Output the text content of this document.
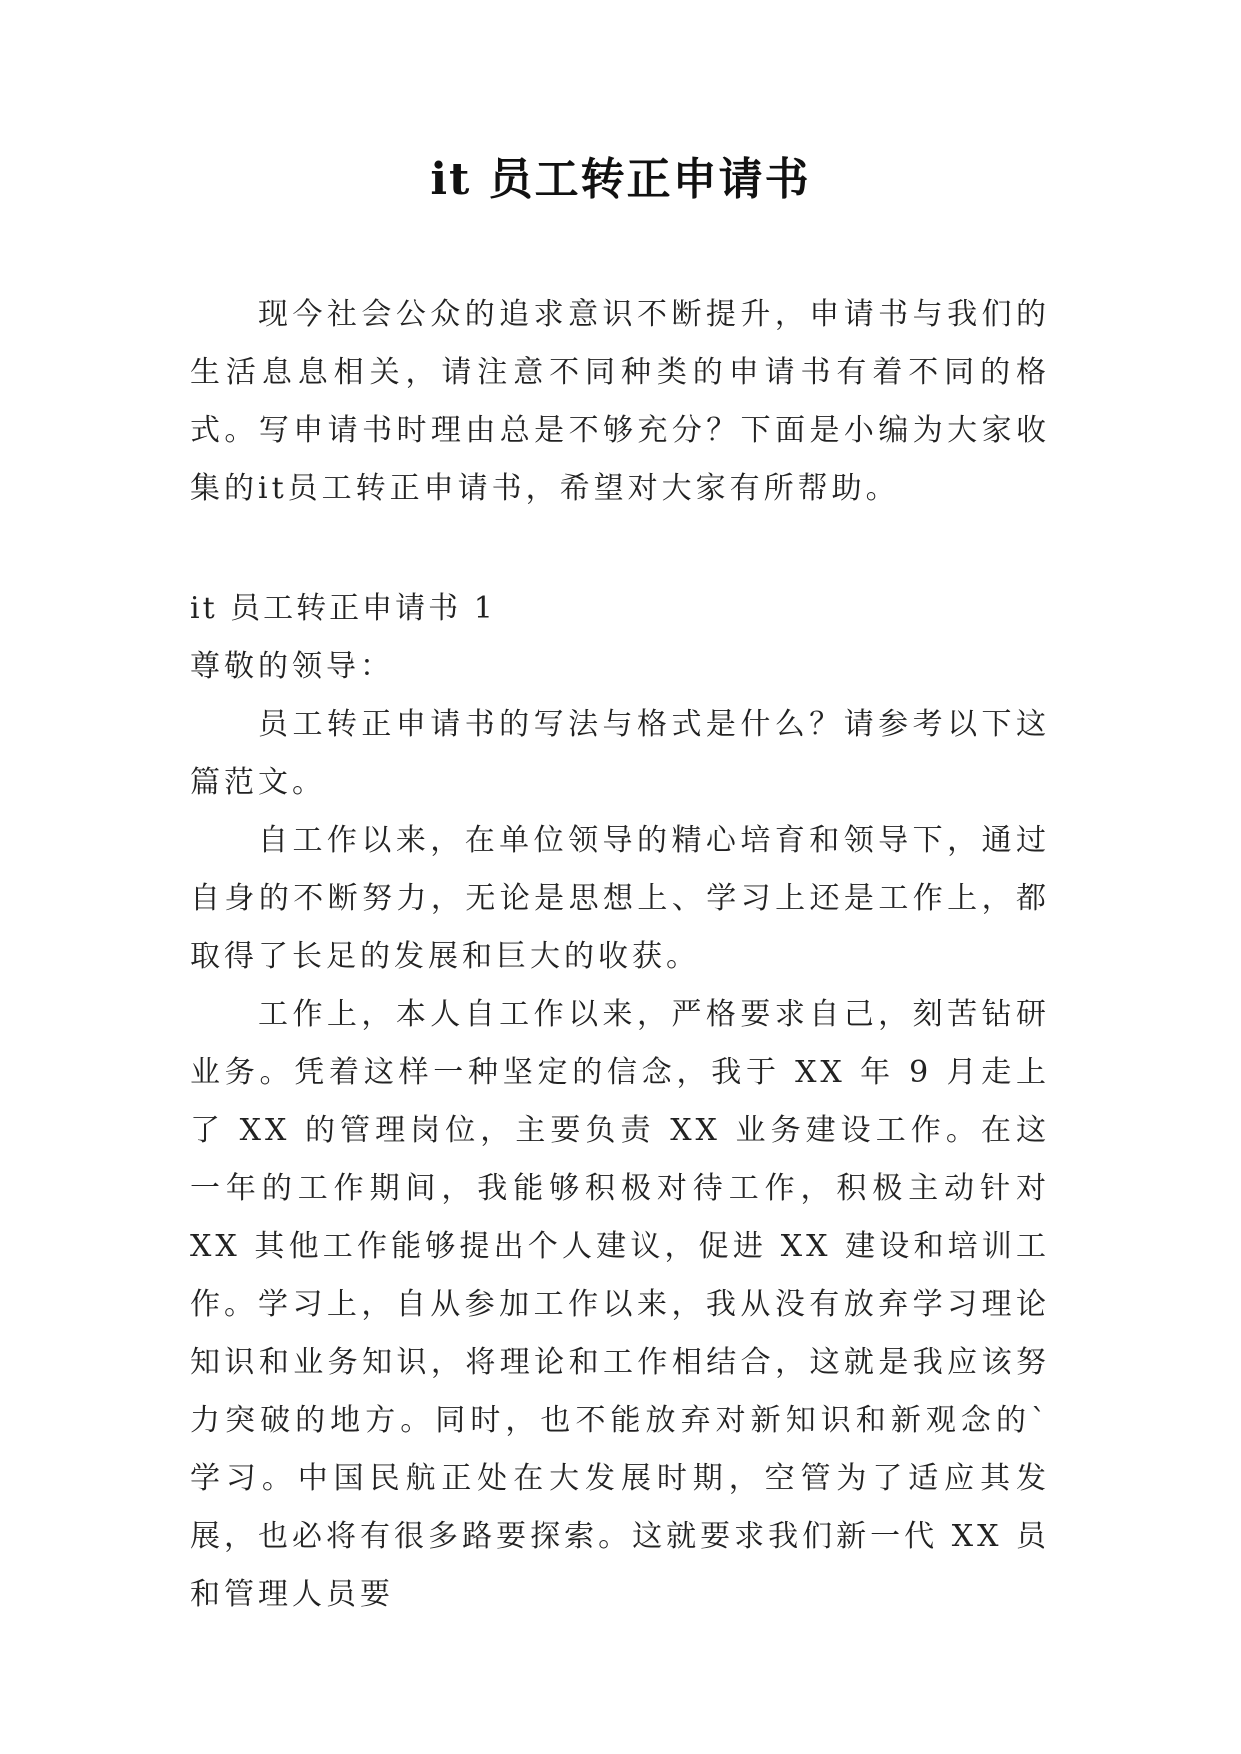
it 员工转正申请书

现今社会公众的追求意识不断提升，申请书与我们的生活息息相关，请注意不同种类的申请书有着不同的格式。写申请书时理由总是不够充分？下面是小编为大家收集的it员工转正申请书，希望对大家有所帮助。

it 员工转正申请书 1

尊敬的领导：

员工转正申请书的写法与格式是什么？请参考以下这篇范文。

自工作以来，在单位领导的精心培育和领导下，通过自身的不断努力，无论是思想上、学习上还是工作上，都取得了长足的发展和巨大的收获。

工作上，本人自工作以来，严格要求自己，刻苦钻研业务。凭着这样一种坚定的信念，我于 XX 年 9 月走上了 XX 的管理岗位，主要负责 XX 业务建设工作。在这一年的工作期间，我能够积极对待工作，积极主动针对 XX 其他工作能够提出个人建议，促进 XX 建设和培训工作。 学习上，自从参加工作以来，我从没有放弃学习理论知识和业务知识，将理论和工作相结合，这就是我应该努力突破的地方。同时，也不能放弃对新知识和新观念的`学习。中国民航正处在大发展时期，空管为了适应其发展，也必将有很多路要探索。这就要求我们新一代 XX 员和管理人员要
